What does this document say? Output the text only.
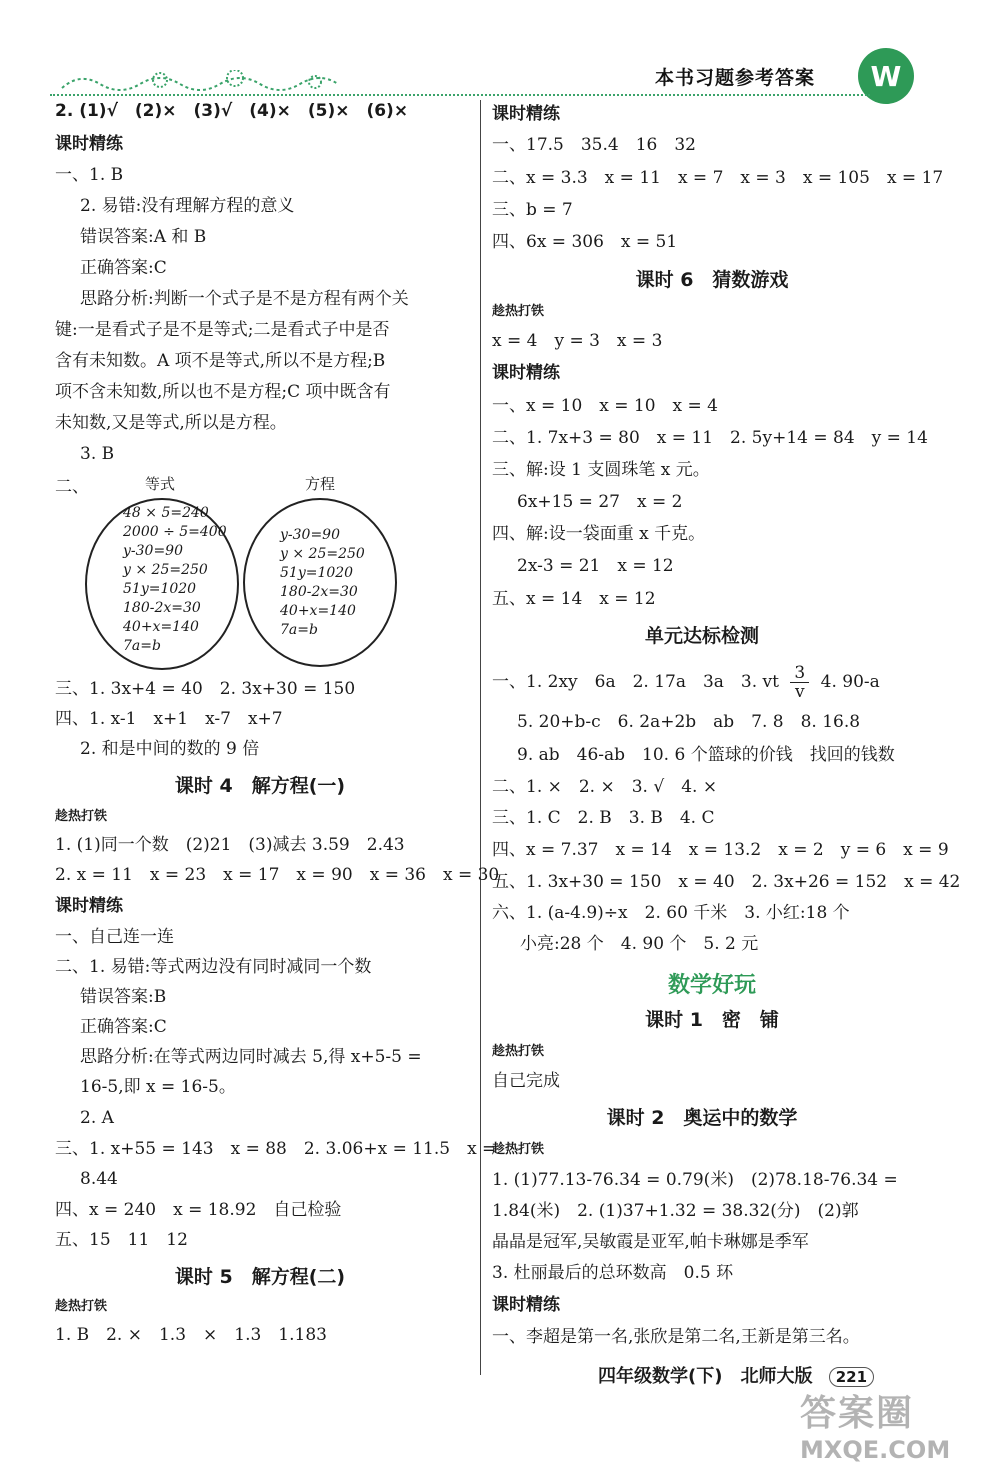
本书习题参考答案	W
2. (1)√　(2)×　(3)√　(4)×　(5)×　(6)×
课时精练
一、1. B
2. 易错:没有理解方程的意义
错误答案:A 和 B
正确答案:C
思路分析:判断一个式子是不是方程有两个关
键:一是看式子是不是等式;二是看式子中是否
含有未知数。A 项不是等式,所以不是方程;B
项不含未知数,所以也不是方程;C 项中既含有
未知数,又是等式,所以是方程。
3. B
二、	等式	方程
48 × 5=240
2000 ÷ 5=400
y-30=90
y × 25=250
51y=1020
180-2x=30
40+x=140
7a=b
y-30=90
y × 25=250
51y=1020
180-2x=30
40+x=140
7a=b
三、1. 3x+4 = 40　2. 3x+30 = 150
四、1. x-1　x+1　x-7　x+7
2. 和是中间的数的 9 倍
课时 4　解方程(一)
趁热打铁
1. (1)同一个数　(2)21　(3)减去 3.59　2.43
2. x = 11　x = 23　x = 17　x = 90　x = 36　x = 30
课时精练
一、自己连一连
二、1. 易错:等式两边没有同时减同一个数
错误答案:B
正确答案:C
思路分析:在等式两边同时减去 5,得 x+5-5 =
16-5,即 x = 16-5。
2. A
三、1. x+55 = 143　x = 88　2. 3.06+x = 11.5　x =
8.44
四、x = 240　x = 18.92　自己检验
五、15　11　12
课时 5　解方程(二)
趁热打铁
1. B　2. ×　1.3　×　1.3　1.183
课时精练
一、17.5　35.4　16　32
二、x = 3.3　x = 11　x = 7　x = 3　x = 105　x = 17
三、b = 7
四、6x = 306　x = 51
课时 6　猜数游戏
趁热打铁
x = 4　y = 3　x = 3
课时精练
一、x = 10　x = 10　x = 4
二、1. 7x+3 = 80　x = 11　2. 5y+14 = 84　y = 14
三、解:设 1 支圆珠笔 x 元。
6x+15 = 27　x = 2
四、解:设一袋面重 x 千克。
2x-3 = 21　x = 12
五、x = 14　x = 12
单元达标检测
一、1. 2xy　6a　2. 17a　3a　3. vt $\frac{3}{v} 4$. 90-a
5. 20+b-c　6. 2a+2b　ab　7. 8　8. 16.8
9. ab　46-ab　10. 6 个篮球的价钱　找回的钱数
二、1. ×　2. ×　3. √　4. ×
三、1. C　2. B　3. B　4. C
四、x = 7.37　x = 14　x = 13.2　x = 2　y = 6　x = 9
五、1. 3x+30 = 150　x = 40　2. 3x+26 = 152　x = 42
六、1. (a-4.9)÷x　2. 60 千米　3. 小红:18 个
小亮:28 个　4. 90 个　5. 2 元
数学好玩
课时 1　密　铺
趁热打铁
自己完成
课时 2　奥运中的数学
趁热打铁
1. (1)77.13-76.34 = 0.79(米)　(2)78.18-76.34 =
1.84(米)　2. (1)37+1.32 = 38.32(分)　(2)郭
晶晶是冠军,吴敏霞是亚军,帕卡琳娜是季军
3. 杜丽最后的总环数高　0.5 环
课时精练
一、李超是第一名,张欣是第二名,王新是第三名。
四年级数学(下)　北师大版 221
答案圈
MXQE.COM
